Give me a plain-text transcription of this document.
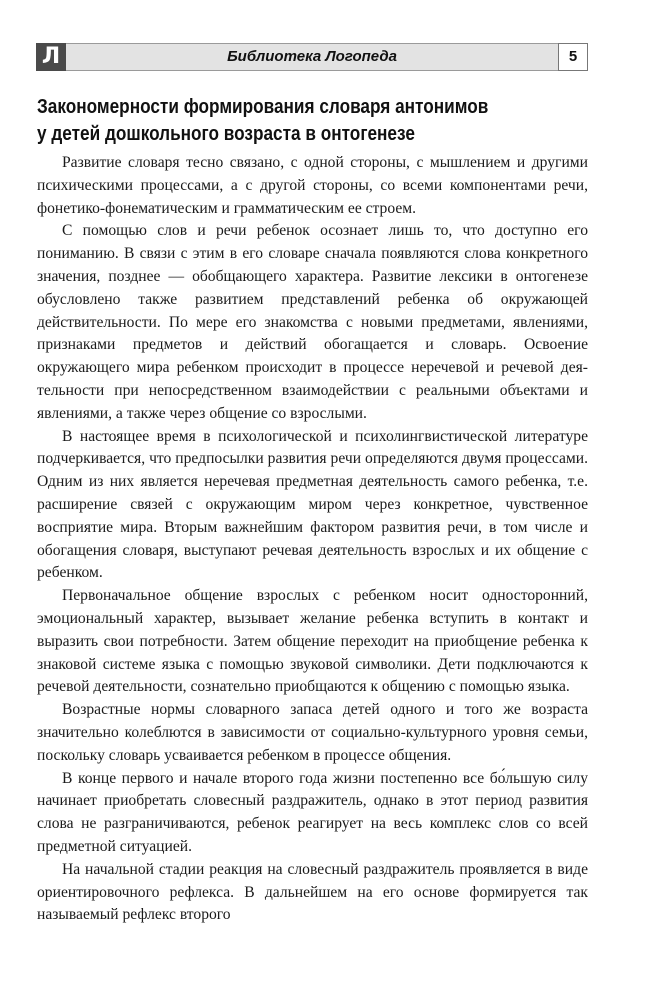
Л	Библиотека Логопеда	5
Закономерности формирования словаря антонимов
у детей дошкольного возраста в онтогенезе

Развитие словаря тесно связано, с одной стороны, с мышлением и другими психическими процессами, а с другой стороны, со всеми компонентами речи, фонетико-фонематическим и грамматическим ее строем.

С помощью слов и речи ребенок осознает лишь то, что доступно его пониманию. В связи с этим в его словаре сначала появляются слова конкретного значения, позднее — обобщающего характера. Развитие лексики в онтогенезе обусловлено также развитием представлений ребенка об окружающей действительности. По мере его знакомства с новыми предметами, явлениями, признаками предметов и действий обогащается и словарь. Освоение окружающего мира ребенком происходит в процессе неречевой и речевой деятельности при непосредственном взаимодействии с реальными объектами и явлениями, а также через общение со взрослыми.

В настоящее время в психологической и психолингвистической литературе подчеркивается, что предпосылки развития речи определяются двумя процессами. Одним из них является неречевая предметная деятельность самого ребенка, т.е. расширение связей с окружающим миром через конкретное, чувственное восприятие мира. Вторым важнейшим фактором развития речи, в том числе и обогащения словаря, выступают речевая деятельность взрослых и их общение с ребенком.

Первоначальное общение взрослых с ребенком носит односторонний, эмоциональный характер, вызывает желание ребенка вступить в контакт и выразить свои потребности. Затем общение переходит на приобщение ребенка к знаковой системе языка с помощью звуковой символики. Дети подключаются к речевой деятельности, сознательно приобщаются к общению с помощью языка.

Возрастные нормы словарного запаса детей одного и того же возраста значительно колеблются в зависимости от социально-культурного уровня семьи, поскольку словарь усваивается ребенком в процессе общения.

В конце первого и начале второго года жизни постепенно все бо́льшую силу начинает приобретать словесный раздражитель, однако в этот период развития слова не разграничиваются, ребенок реагирует на весь комплекс слов со всей предметной ситуацией.

На начальной стадии реакция на словесный раздражитель проявляется в виде ориентировочного рефлекса. В дальнейшем на его основе формируется так называемый рефлекс второго
